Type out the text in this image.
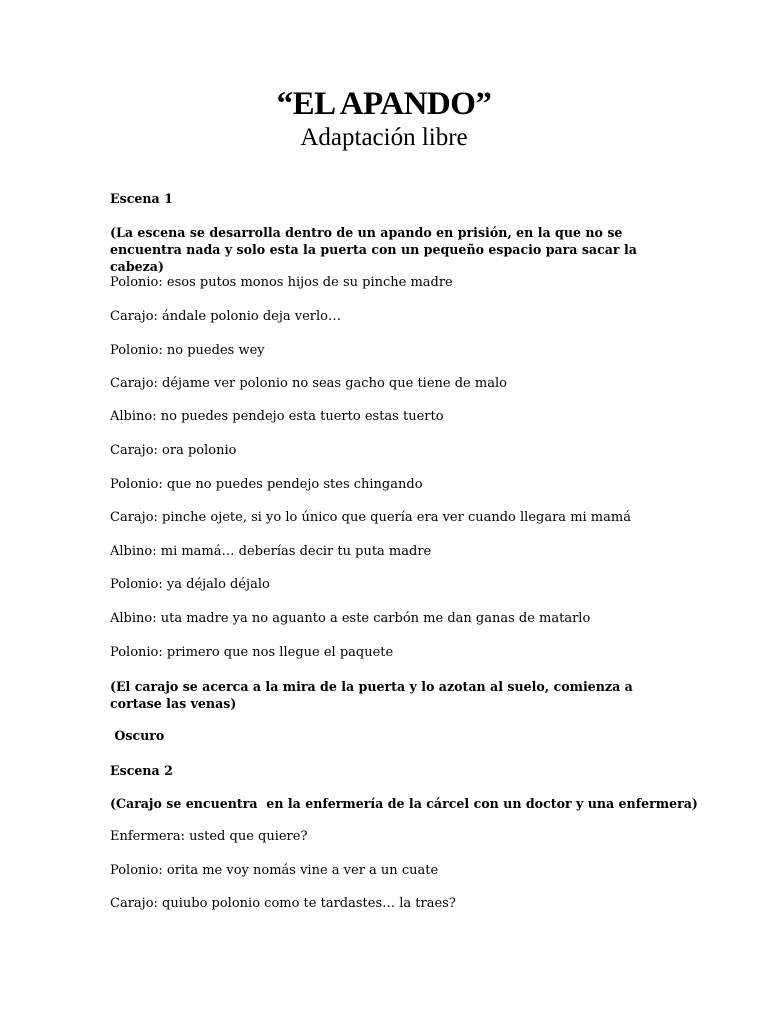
“EL APANDO”
Adaptación libre
Escena 1
(La escena se desarrolla dentro de un apando en prisión, en la que no se encuentra nada y solo esta la puerta con un pequeño espacio para sacar la cabeza)
Polonio: esos putos monos hijos de su pinche madre
Carajo: ándale polonio deja verlo…
Polonio: no puedes wey
Carajo: déjame ver polonio no seas gacho que tiene de malo
Albino: no puedes pendejo esta tuerto estas tuerto
Carajo: ora polonio
Polonio: que no puedes pendejo stes chingando
Carajo: pinche ojete, si yo lo único que quería era ver cuando llegara mi mamá
Albino: mi mamá… deberías decir tu puta madre
Polonio: ya déjalo déjalo
Albino: uta madre ya no aguanto a este carbón me dan ganas de matarlo
Polonio: primero que nos llegue el paquete
(El carajo se acerca a la mira de la puerta y lo azotan al suelo, comienza a cortase las venas)
Oscuro
Escena 2
(Carajo se encuentra  en la enfermería de la cárcel con un doctor y una enfermera)
Enfermera: usted que quiere?
Polonio: orita me voy nomás vine a ver a un cuate
Carajo: quiubo polonio como te tardastes… la traes?
